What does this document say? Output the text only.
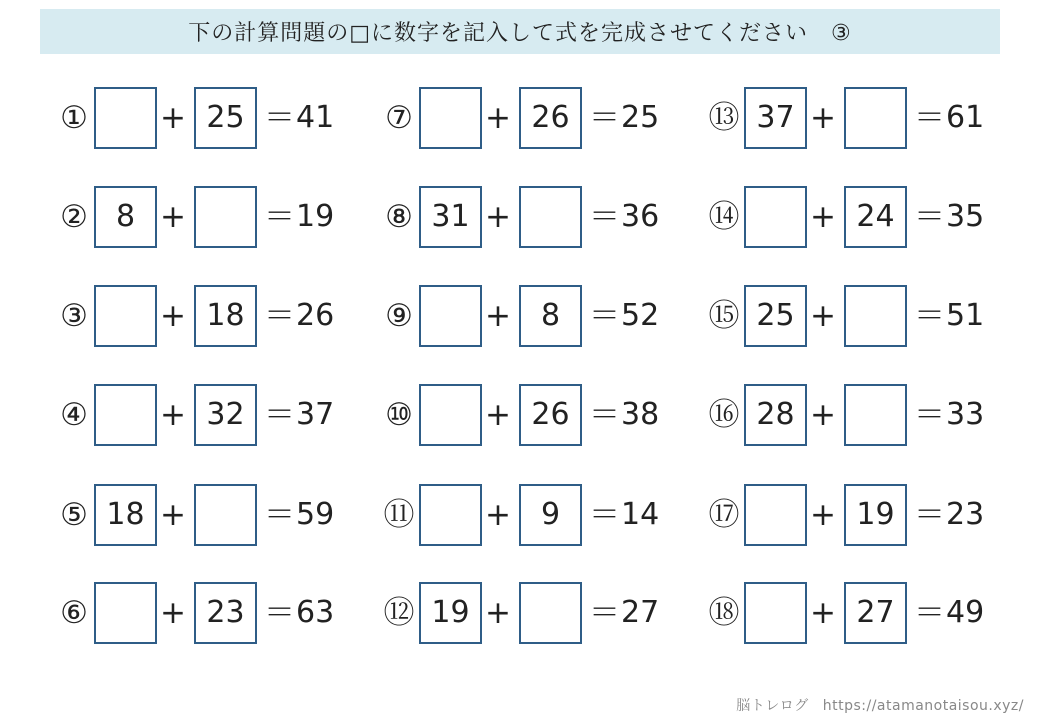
下の計算問題の□に数字を記入して式を完成させてください　③
① + 25 ＝ 41
② 8 +	＝ 19
③ + 18 ＝ 26
④ + 32 ＝ 37
⑤ 18 +	＝ 59
⑥ + 23 ＝ 63
⑦ + 26 ＝ 25
⑧ 31 +	＝ 36
⑨ + 8 ＝ 52
⑩ + 26 ＝ 38
⑪ + 9 ＝ 14
⑫ 19 +	＝ 27
⑬ 37 +	＝ 61
⑭ + 24 ＝ 35
⑮ 25 +	＝ 51
⑯ 28 +	＝ 33
⑰ + 19 ＝ 23
⑱ + 27 ＝ 49
脳トレログ https://atamanotaisou.xyz/
